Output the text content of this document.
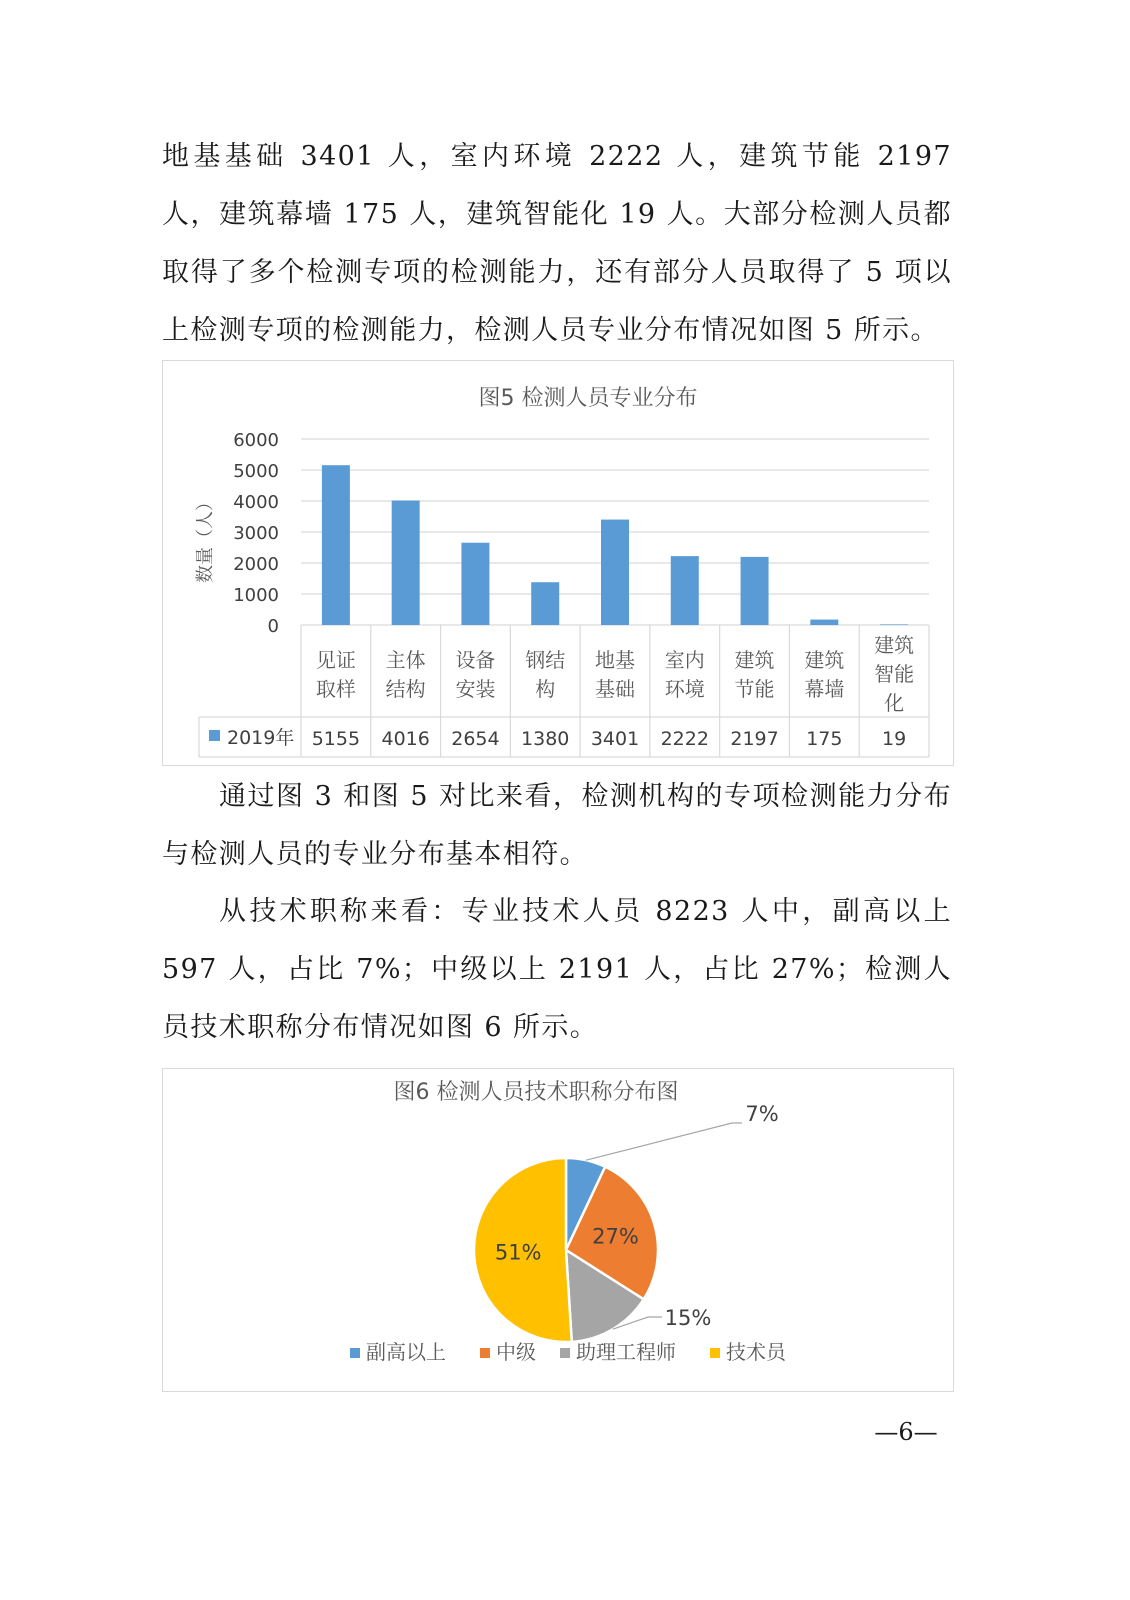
地基基础 3401 人，室内环境 2222 人，建筑节能 2197 人，建筑幕墙 175 人，建筑智能化 19 人。大部分检测人员都取得了多个检测专项的检测能力，还有部分人员取得了 5 项以上检测专项的检测能力，检测人员专业分布情况如图 5 所示。

图5 检测人员专业分布
0
1000
2000
3000
4000
5000
6000
数量（人）
见证
取样
主体
结构
设备
安装
钢结
构
地基
基础
室内
环境
建筑
节能
建筑
幕墙
建筑
智能
化
2019年 5155 4016 2654 1380 3401 2222 2197 175 19

通过图 3 和图 5 对比来看，检测机构的专项检测能力分布与检测人员的专业分布基本相符。

从技术职称来看：专业技术人员 8223 人中，副高以上 597 人，占比 7%；中级以上 2191 人，占比 27%；检测人员技术职称分布情况如图 6 所示。

图6 检测人员技术职称分布图
7%
27%
15%
51%
副高以上	中级 助理工程师	技术员
—6—
